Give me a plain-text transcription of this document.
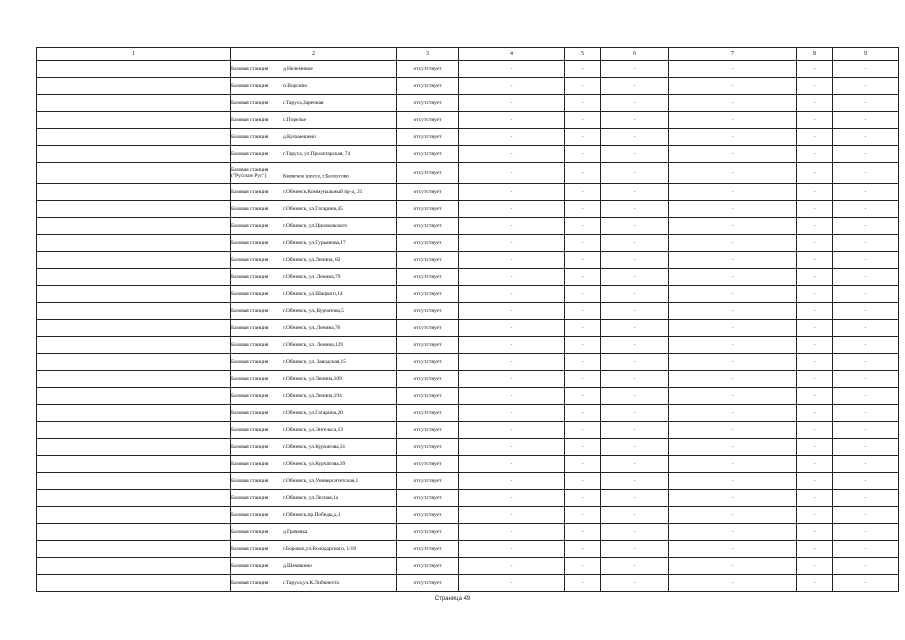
1	2	3	4	5	6	7	8	9
	Базовая станция д.Нелемнное	отсутствует	-	-	-	-	-	-
	Базовая станция п.Ворсино	отсутствует	-	-	-	-	-	-
	Базовая станция г.Таруса,Заречная	отсутствует	-	-	-	-	-	-
	Базовая станция с.Порелье	отсутствует	-	-	-	-	-	-
	Базовая станция д.Кульмешено	отсутствует	-	-	-	-	-	-
	Базовая станция г.Таруса, ул.Пролетарская, 74	отсутствует	-	-	-	-	-	-
	Базовая станция ("Русское Рус") Киевское шоссе, г.Белоусово	отсутствует	-	-	-	-	-	-
	Базовая станция г.Обнинск,Коммунальный пр-д, 21	отсутствует	-	-	-	-	-	-
	Базовая станция г.Обнинск, ул.Гагарина,45	отсутствует	-	-	-	-	-	-
	Базовая станция г.Обнинск, ул.Циолковского	отсутствует	-	-	-	-	-	-
	Базовая станция г.Обнинск, ул.Гурьянова,17	отсутствует	-	-	-	-	-	-
	Базовая станция г.Обнинск, ул.Ленина, 82	отсутствует	-	-	-	-	-	-
	Базовая станция г.Обнинск, ул. Ленина,79	отсутствует	-	-	-	-	-	-
	Базовая станция г.Обнинск, ул.Шацкого,14	отсутствует	-	-	-	-	-	-
	Базовая станция г.Обнинск, ул.,Курчатова,5	отсутствует	-	-	-	-	-	-
	Базовая станция г.Обнинск, ул.,Ленина,76	отсутствует	-	-	-	-	-	-
	Базовая станция г.Обнинск, ул. Ленина,129	отсутствует	-	-	-	-	-	-
	Базовая станция г.Обнинск, ул. Заводская,15	отсутствует	-	-	-	-	-	-
	Базовая станция г.Обнинск, ул.Ленина,109	отсутствует	-	-	-	-	-	-
	Базовая станция г.Обнинск, ул.Ленина,194	отсутствует	-	-	-	-	-	-
	Базовая станция г.Обнинск, ул.Гагарина,20	отсутствует	-	-	-	-	-	-
	Базовая станция г.Обнинск, ул.Энгельса,13	отсутствует	-	-	-	-	-	-
	Базовая станция г.Обнинск, ул.Курчатова,31	отсутствует	-	-	-	-	-	-
	Базовая станция г.Обнинск, ул.Курчатова,39	отсутствует	-	-	-	-	-	-
	Базовая станция г.Обнинск, ул.Университетская,1	отсутствует	-	-	-	-	-	-
	Базовая станция г.Обнинск, ул.Лесная,1а	отсутствует	-	-	-	-	-	-
	Базовая станция г.Обнинск,пр.Победы,д.1	отсутствует	-	-	-	-	-	-
	Базовая станция д.Грачевка	отсутствует	-	-	-	-	-	-
	Базовая станция г.Боровск,ул.Володарского, 1/18	отсутствует	-	-	-	-	-	-
	Базовая станция д.Шемякино	отсутствует	-	-	-	-	-	-
	Базовая станция г.Таруса,ул.К.Либкнехта	отсутствует	-	-	-	-	-	-
Страница 49
